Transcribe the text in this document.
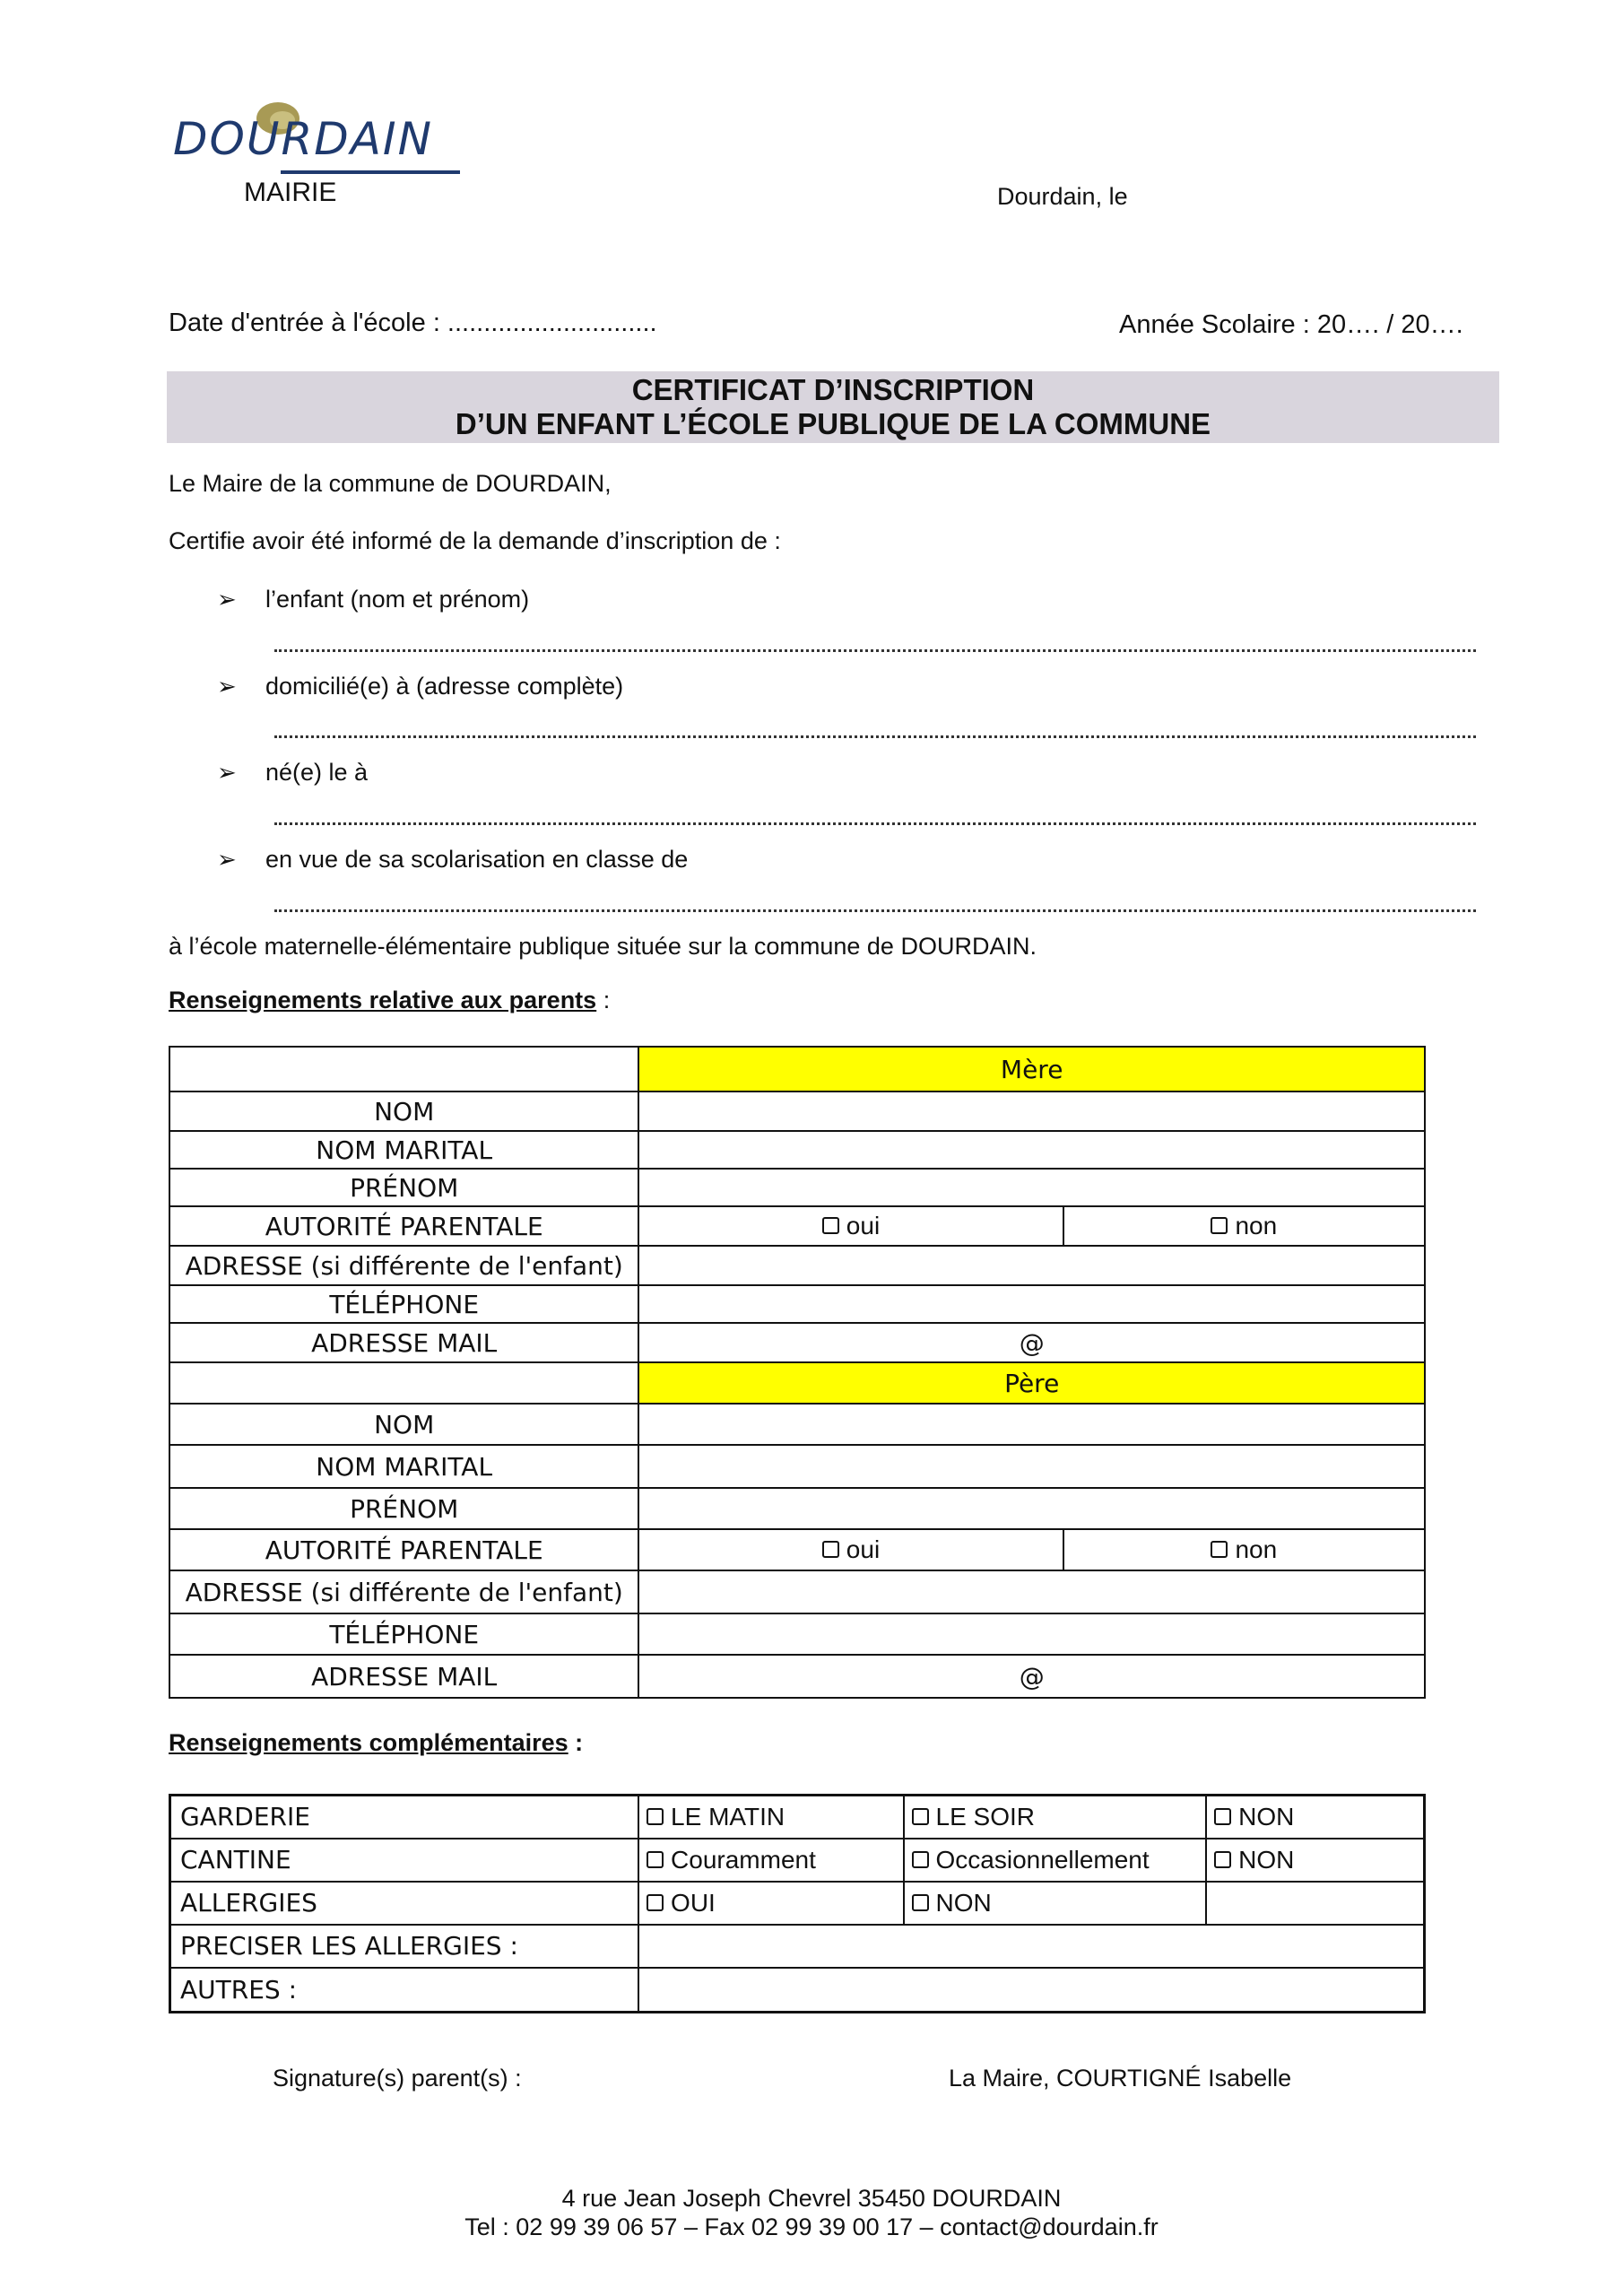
DOURDAIN
MAIRIE	Dourdain, le
Date d'entrée à l'école : .............................	Année Scolaire : 20…. / 20….
CERTIFICAT D’INSCRIPTION
D’UN ENFANT L’ÉCOLE PUBLIQUE DE LA COMMUNE
Le Maire de la commune de DOURDAIN,
Certifie avoir été informé de la demande d’inscription de :
➢ l’enfant (nom et prénom)
➢ domicilié(e) à (adresse complète)
➢ né(e) le à
➢ en vue de sa scolarisation en classe de
à l’école maternelle-élémentaire publique située sur la commune de DOURDAIN.
Renseignements relative aux parents :
	Mère	
NOM		
NOM MARITAL		
PRÉNOM		
AUTORITÉ PARENTALE	oui	non
ADRESSE (si différente de l'enfant)		
TÉLÉPHONE		
ADRESSE MAIL	@	
	Père	
NOM		
NOM MARITAL		
PRÉNOM		
AUTORITÉ PARENTALE	oui	non
ADRESSE (si différente de l'enfant)		
TÉLÉPHONE		
ADRESSE MAIL	@	
Renseignements complémentaires :
GARDERIE	LE MATIN	LE SOIR	NON
CANTINE	Couramment	Occasionnellement	NON
ALLERGIES	OUI	NON	
PRECISER LES ALLERGIES :			
AUTRES :			
Signature(s) parent(s) :	La Maire, COURTIGNÉ Isabelle
4 rue Jean Joseph Chevrel 35450 DOURDAIN
Tel : 02 99 39 06 57 – Fax 02 99 39 00 17 – contact@dourdain.fr
